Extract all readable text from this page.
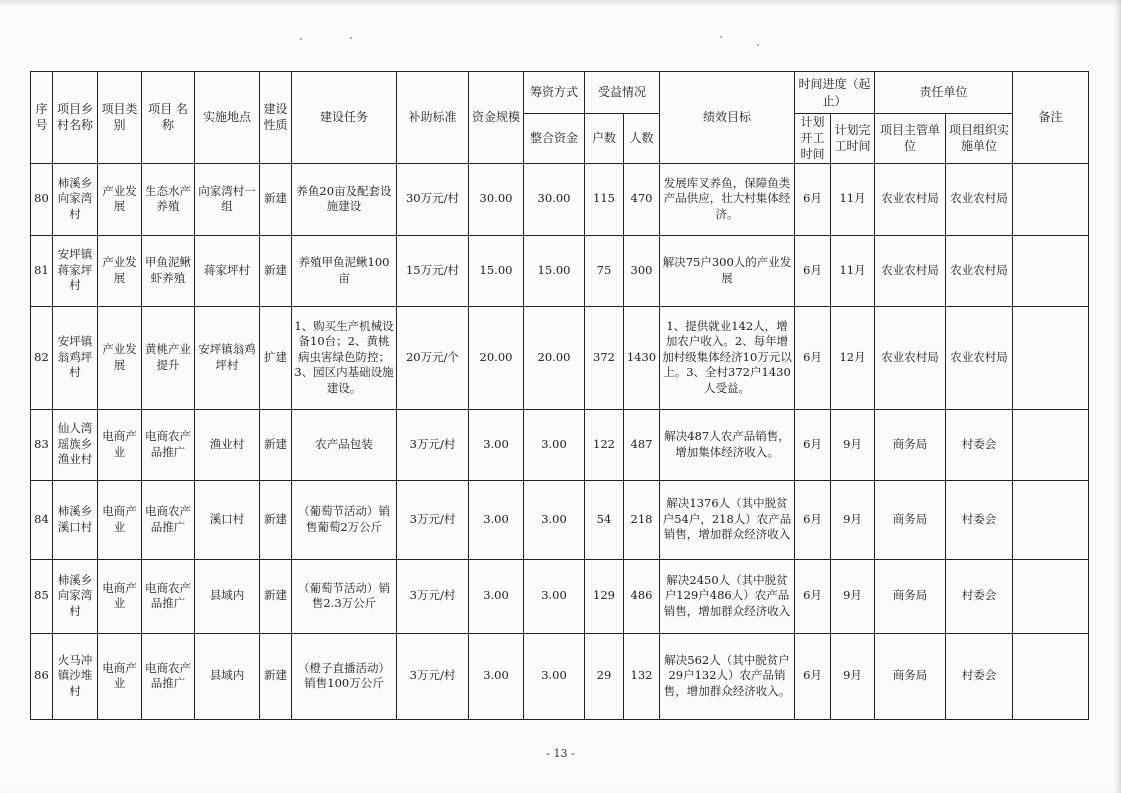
序号	项目乡村名称	项目类别	项目 名称	实施地点	建设性质	建设任务	补助标准	资金规模	筹资方式	受益情况		绩效目标	时间进度（起止）		责任单位		备注
									整合资金	户数	人数		计划开工时间	计划完工时间	项目主管单位	项目组织实施单位	
80	柿溪乡向家湾村	产业发展	生态水产养殖	向家湾村一组	新建	养鱼20亩及配套设施建设	30万元/村	30.00	30.00	115	470	发展库叉养鱼，保障鱼类产品供应，壮大村集体经济。	6月	11月	农业农村局	农业农村局	
81	安坪镇蒋家坪村	产业发展	甲鱼泥鳅虾养殖	蒋家坪村	新建	养殖甲鱼泥鳅100亩	15万元/村	15.00	15.00	75	300	解决75户300人的产业发展	6月	11月	农业农村局	农业农村局	
82	安坪镇翁鸡坪村	产业发展	黄桃产业提升	安坪镇翁鸡坪村	扩建	1、购买生产机械设备10台；2、黄桃病虫害绿色防控；3、园区内基础设施建设。	20万元/个	20.00	20.00	372	1430	1、提供就业142人，增加农户收入。2、每年增加村级集体经济10万元以上。3、全村372户1430人受益。	6月	12月	农业农村局	农业农村局	
83	仙人湾瑶族乡渔业村	电商产业	电商农产品推广	渔业村	新建	农产品包装	3万元/村	3.00	3.00	122	487	解决487人农产品销售，增加集体经济收入。	6月	9月	商务局	村委会	
84	柿溪乡溪口村	电商产业	电商农产品推广	溪口村	新建	（葡萄节活动）销售葡萄2万公斤	3万元/村	3.00	3.00	54	218	解决1376人（其中脱贫户54户，218人）农产品销售，增加群众经济收入	6月	9月	商务局	村委会	
85	柿溪乡向家湾村	电商产业	电商农产品推广	县域内	新建	（葡萄节活动）销售2.3万公斤	3万元/村	3.00	3.00	129	486	解决2450人（其中脱贫户129户486人）农产品销售，增加群众经济收入	6月	9月	商务局	村委会	
86	火马冲镇沙堆村	电商产业	电商农产品推广	县域内	新建	（橙子直播活动）销售100万公斤	3万元/村	3.00	3.00	29	132	解决562人（其中脱贫户29户132人）农产品销售，增加群众经济收入。	6月	9月	商务局	村委会	
- 13 -
